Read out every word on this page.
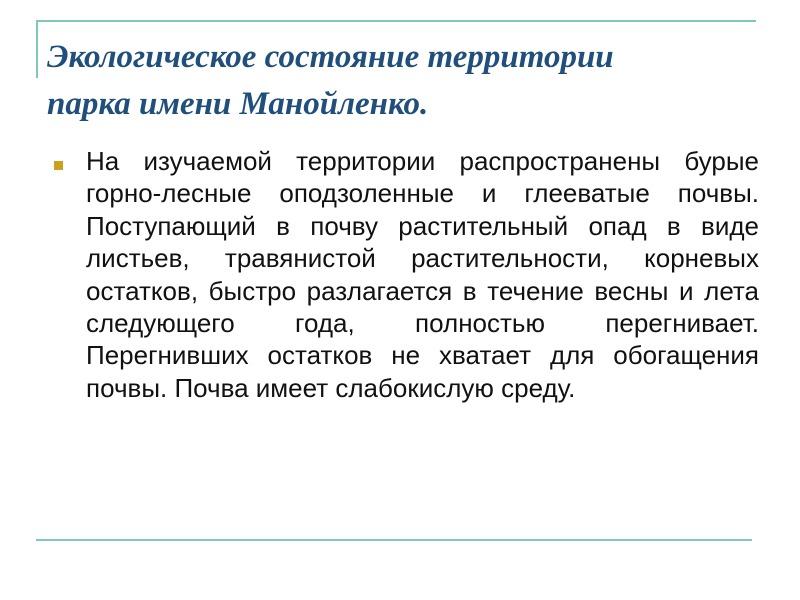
Экологическое состояние территории
парка имени Манойленко.

На изучаемой территории распространены бурые горно-лесные оподзоленные и глееватые почвы. Поступающий в почву растительный опад в виде листьев, травянистой растительности, корневых остатков, быстро разлагается в течение весны и лета следующего года, полностью перегнивает. Перегнивших остатков не хватает для обогащения почвы. Почва имеет слабокислую среду.
